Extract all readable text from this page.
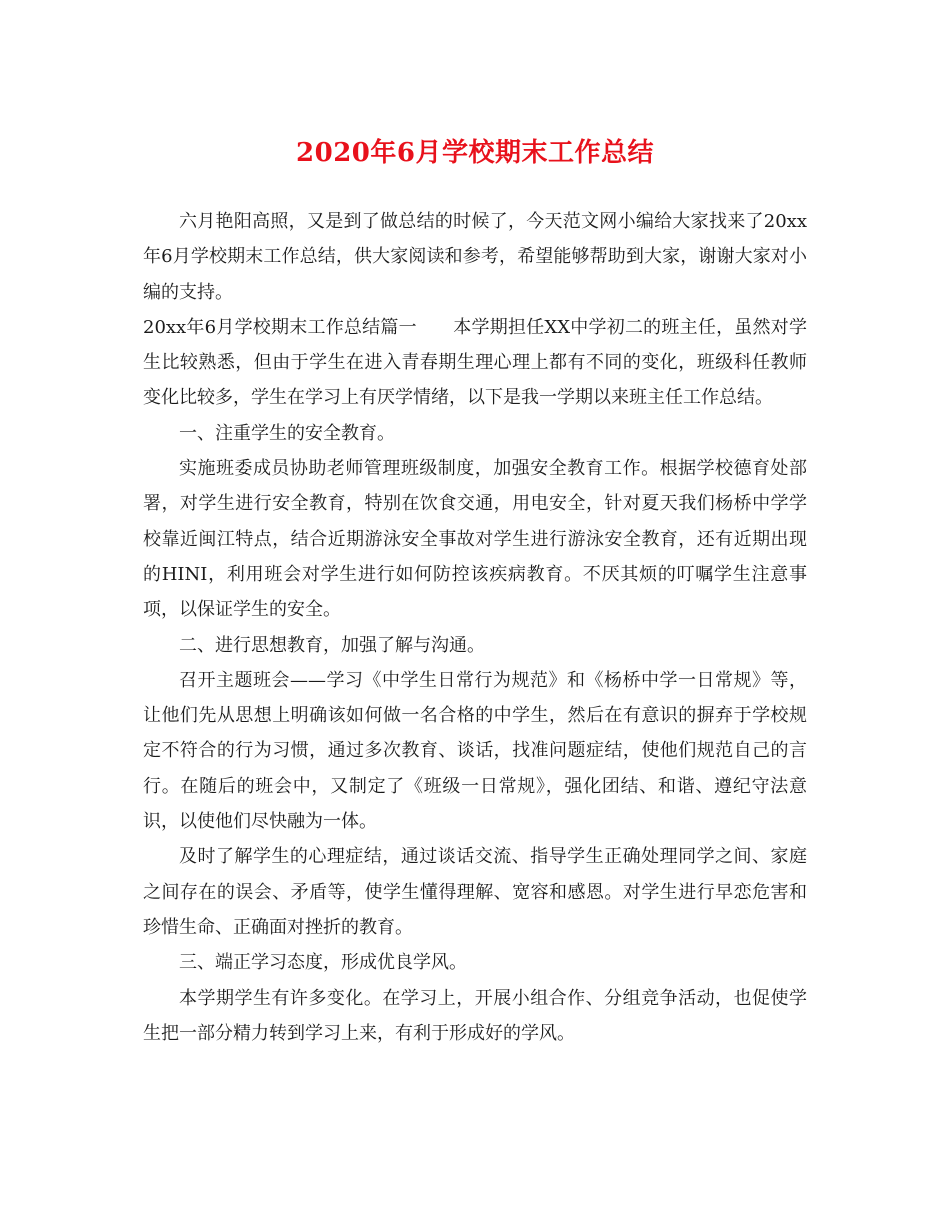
2020年6月学校期末工作总结

六月艳阳高照，又是到了做总结的时候了，今天范文网小编给大家找来了20xx年6月学校期末工作总结，供大家阅读和参考，希望能够帮助到大家，谢谢大家对小编的支持。

20xx年6月学校期末工作总结篇一　　 本学期担任XX中学初二的班主任，虽然对学生比较熟悉，但由于学生在进入青春期生理心理上都有不同的变化，班级科任教师变化比较多，学生在学习上有厌学情绪，以下是我一学期以来班主任工作总结。

一、注重学生的安全教育。

实施班委成员协助老师管理班级制度，加强安全教育工作。根据学校德育处部署，对学生进行安全教育，特别在饮食交通，用电安全，针对夏天我们杨桥中学学校靠近闽江特点，结合近期游泳安全事故对学生进行游泳安全教育，还有近期出现的HINI，利用班会对学生进行如何防控该疾病教育。不厌其烦的叮嘱学生注意事项，以保证学生的安全。

二、进行思想教育，加强了解与沟通。

召开主题班会——学习《中学生日常行为规范》和《杨桥中学一日常规》等，让他们先从思想上明确该如何做一名合格的中学生，然后在有意识的摒弃于学校规定不符合的行为习惯，通过多次教育、谈话，找准问题症结，使他们规范自己的言行。在随后的班会中，又制定了《班级一日常规》，强化团结、和谐、遵纪守法意识，以使他们尽快融为一体。

及时了解学生的心理症结，通过谈话交流、指导学生正确处理同学之间、家庭之间存在的误会、矛盾等，使学生懂得理解、宽容和感恩。对学生进行早恋危害和珍惜生命、正确面对挫折的教育。

三、端正学习态度，形成优良学风。

本学期学生有许多变化。在学习上，开展小组合作、分组竞争活动，也促使学生把一部分精力转到学习上来，有利于形成好的学风。
